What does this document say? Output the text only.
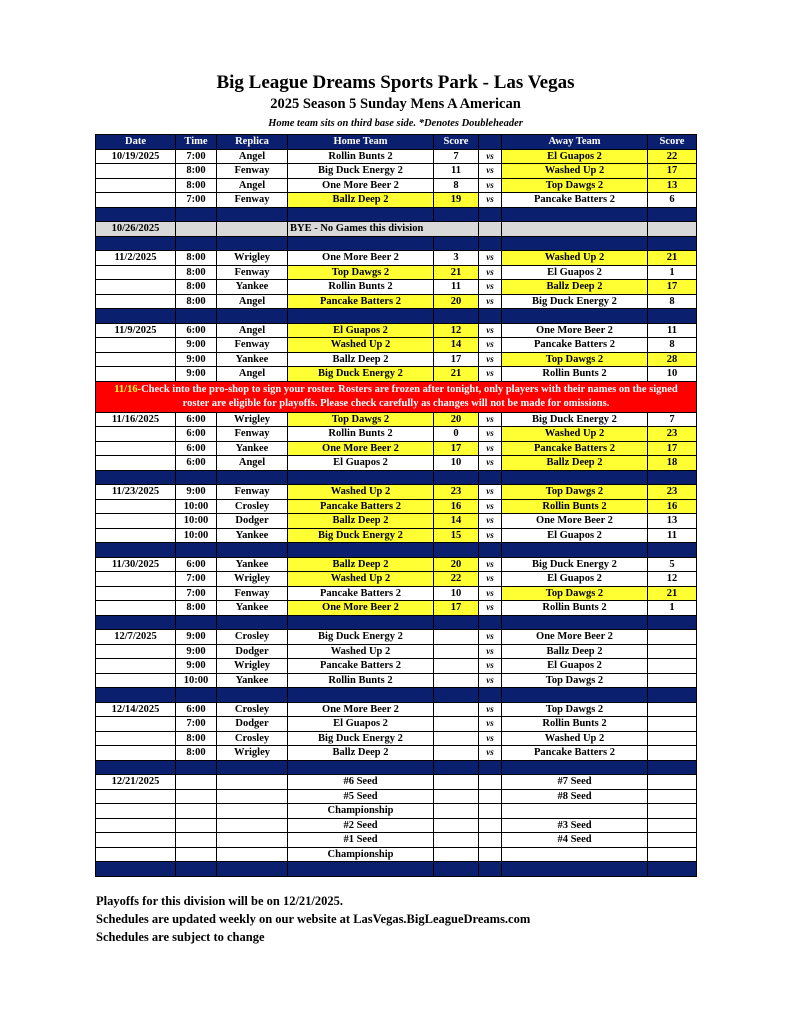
Big League Dreams Sports Park - Las Vegas
2025 Season 5 Sunday Mens A American
Home team sits on third base side. *Denotes Doubleheader
Date	Time	Replica	Home Team	Score		Away Team	Score
10/19/2025	7:00	Angel	Rollin Bunts 2	7	vs	El Guapos 2	22
	8:00	Fenway	Big Duck Energy 2	11	vs	Washed Up 2	17
	8:00	Angel	One More Beer 2	8	vs	Top Dawgs 2	13
	7:00	Fenway	Ballz Deep 2	19	vs	Pancake Batters 2	6

10/26/2025			BYE - No Games this division				

11/2/2025	8:00	Wrigley	One More Beer 2	3	vs	Washed Up 2	21
	8:00	Fenway	Top Dawgs 2	21	vs	El Guapos 2	1
	8:00	Yankee	Rollin Bunts 2	11	vs	Ballz Deep 2	17
	8:00	Angel	Pancake Batters 2	20	vs	Big Duck Energy 2	8

11/9/2025	6:00	Angel	El Guapos 2	12	vs	One More Beer 2	11
	9:00	Fenway	Washed Up 2	14	vs	Pancake Batters 2	8
	9:00	Yankee	Ballz Deep 2	17	vs	Top Dawgs 2	28
	9:00	Angel	Big Duck Energy 2	21	vs	Rollin Bunts 2	10
11/16-Check into the pro-shop to sign your roster. Rosters are frozen after tonight, only players with their names on the signed roster are eligible for playoffs. Please check carefully as changes will not be made for omissions.							
11/16/2025	6:00	Wrigley	Top Dawgs 2	20	vs	Big Duck Energy 2	7
	6:00	Fenway	Rollin Bunts 2	0	vs	Washed Up 2	23
	6:00	Yankee	One More Beer 2	17	vs	Pancake Batters 2	17
	6:00	Angel	El Guapos 2	10	vs	Ballz Deep 2	18

11/23/2025	9:00	Fenway	Washed Up 2	23	vs	Top Dawgs 2	23
	10:00	Crosley	Pancake Batters 2	16	vs	Rollin Bunts 2	16
	10:00	Dodger	Ballz Deep 2	14	vs	One More Beer 2	13
	10:00	Yankee	Big Duck Energy 2	15	vs	El Guapos 2	11

11/30/2025	6:00	Yankee	Ballz Deep 2	20	vs	Big Duck Energy 2	5
	7:00	Wrigley	Washed Up 2	22	vs	El Guapos 2	12
	7:00	Fenway	Pancake Batters 2	10	vs	Top Dawgs 2	21
	8:00	Yankee	One More Beer 2	17	vs	Rollin Bunts 2	1

12/7/2025	9:00	Crosley	Big Duck Energy 2		vs	One More Beer 2	
	9:00	Dodger	Washed Up 2		vs	Ballz Deep 2	
	9:00	Wrigley	Pancake Batters 2		vs	El Guapos 2	
	10:00	Yankee	Rollin Bunts 2		vs	Top Dawgs 2	

12/14/2025	6:00	Crosley	One More Beer 2		vs	Top Dawgs 2	
	7:00	Dodger	El Guapos 2		vs	Rollin Bunts 2	
	8:00	Crosley	Big Duck Energy 2		vs	Washed Up 2	
	8:00	Wrigley	Ballz Deep 2		vs	Pancake Batters 2	

12/21/2025			#6 Seed			#7 Seed	
			#5 Seed			#8 Seed	
			Championship				
			#2 Seed			#3 Seed	
			#1 Seed			#4 Seed	
			Championship				

Playoffs for this division will be on 12/21/2025.
Schedules are updated weekly on our website at LasVegas.BigLeagueDreams.com
Schedules are subject to change
